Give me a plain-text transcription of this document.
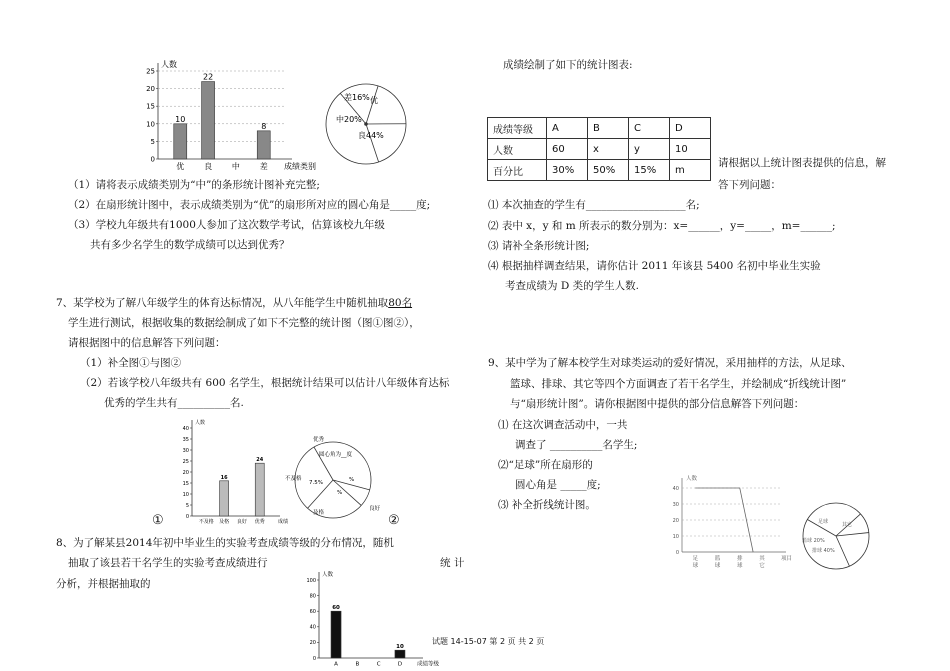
0
5
10
15
20
25
人数
优
10
良
22
中 差
8
成绩类别
差16% 优
中20%
良44%
（1）请将表示成绩类别为“中”的条形统计图补充完整;
（2）在扇形统计图中，表示成绩类别为“优”的扇形所对应的圆心角是_____度;
（3）学校九年级共有1000人参加了这次数学考试，估算该校九年级
共有多少名学生的数学成绩可以达到优秀？
7、某学校为了解八年级学生的体育达标情况，从八年能学生中随机抽取80名
学生进行测试，根据收集的数据绘制成了如下不完整的统计图（图①图②），
请根据图中的信息解答下列问题：
（1）补全图①与图②
（2）若该学校八年级共有 600 名学生，根据统计结果可以估计八年级体育达标
优秀的学生共有__________名.
0
5
10
15
20
25
30
35
40
人数
不及格 及格
16
良好 优秀
24
成绩
①
优秀
圆心角为__度
不及格
7.5%	%
%
及格
良好
②
8、为了解某县2014年初中毕业生的实验考查成绩等级的分布情况，随机
抽取了该县若干名学生的实验考查成绩进行	统 计
分析，并根据抽取的
0
20
40
60
80
100
人数
A
60
B	C	D
10
成绩等级
试题 14-15-07 第 2 页 共 2 页
成绩绘制了如下的统计图表:
成绩等级	A	B	C	D
人数	60	x	y	10
百分比	30%	50%	15%	m
请根据以上统计图表提供的信息，解
答下列问题：
⑴ 本次抽查的学生有___________________名;
⑵ 表中 x，y 和 m 所表示的数分别为：x=______，y=_____，m=______;
⑶ 请补全条形统计图;
⑷ 根据抽样调查结果，请你估计 2011 年该县 5400 名初中毕业生实验
考查成绩为 D 类的学生人数.
9、某中学为了解本校学生对球类运动的爱好情况，采用抽样的方法，从足球、
篮球、排球、其它等四个方面调查了若干名学生，并绘制成“折线统计图”
与“扇形统计图”。请你根据图中提供的部分信息解答下列问题：
⑴ 在这次调查活动中，一共
调查了 __________名学生;
⑵“足球”所在扇形的
圆心角是 _____度;
⑶ 补全折线统计图。
0
10
20
30
40
人数
足
球
篮
球
排
球
其
它
项目
足球	其它
篮球 20%
排球 40%
